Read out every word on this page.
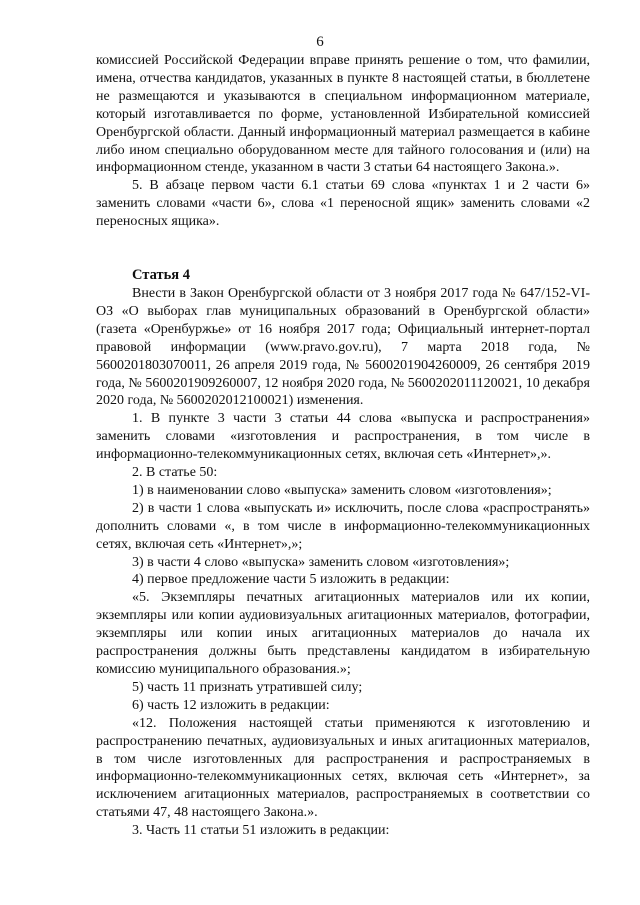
6

комиссией Российской Федерации вправе принять решение о том, что фамилии, имена, отчества кандидатов, указанных в пункте 8 настоящей статьи, в бюллетене не размещаются и указываются в специальном информационном материале, который изготавливается по форме, установленной Избирательной комиссией Оренбургской области. Данный информационный материал размещается в кабине либо ином специально оборудованном месте для тайного голосования и (или) на информационном стенде, указанном в части 3 статьи 64 настоящего Закона.».

5. В абзаце первом части 6.1 статьи 69 слова «пунктах 1 и 2 части 6» заменить словами «части 6», слова «1 переносной ящик» заменить словами «2 переносных ящика».

Статья 4

Внести в Закон Оренбургской области от 3 ноября 2017 года № 647/152-VI-ОЗ «О выборах глав муниципальных образований в Оренбургской области» (газета «Оренбуржье» от 16 ноября 2017 года; Официальный интернет-портал правовой информации (www.pravo.gov.ru), 7 марта 2018 года, № 5600201803070011, 26 апреля 2019 года, № 5600201904260009, 26 сентября 2019 года, № 5600201909260007, 12 ноября 2020 года, № 5600202011120021, 10 декабря 2020 года, № 5600202012100021) изменения.

1. В пункте 3 части 3 статьи 44 слова «выпуска и распространения» заменить словами «изготовления и распространения, в том числе в информационно-телекоммуникационных сетях, включая сеть «Интернет»,».

2. В статье 50:

1) в наименовании слово «выпуска» заменить словом «изготовления»;

2) в части 1 слова «выпускать и» исключить, после слова «распространять» дополнить словами «, в том числе в информационно-телекоммуникационных сетях, включая сеть «Интернет»,»;

3) в части 4 слово «выпуска» заменить словом «изготовления»;

4) первое предложение части 5 изложить в редакции:

«5. Экземпляры печатных агитационных материалов или их копии, экземпляры или копии аудиовизуальных агитационных материалов, фотографии, экземпляры или копии иных агитационных материалов до начала их распространения должны быть представлены кандидатом в избирательную комиссию муниципального образования.»;

5) часть 11 признать утратившей силу;

6) часть 12 изложить в редакции:

«12. Положения настоящей статьи применяются к изготовлению и распространению печатных, аудиовизуальных и иных агитационных материалов, в том числе изготовленных для распространения и распространяемых в информационно-телекоммуникационных сетях, включая сеть «Интернет», за исключением агитационных материалов, распространяемых в соответствии со статьями 47, 48 настоящего Закона.».

3. Часть 11 статьи 51 изложить в редакции:
